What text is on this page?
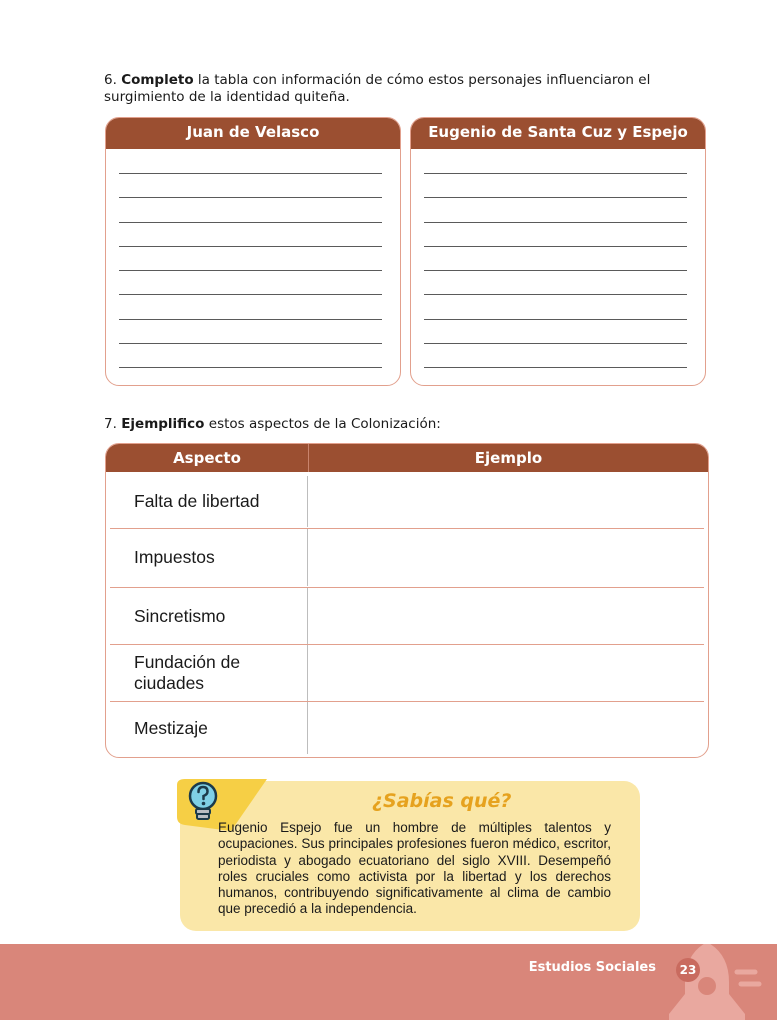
6. Completo la tabla con información de cómo estos personajes influenciaron el surgimiento de la identidad quiteña.
Juan de Velasco	Eugenio de Santa Cuz y Espejo
7. Ejemplifico estos aspectos de la Colonización:
Aspecto	Ejemplo
Falta de libertad
Impuestos
Sincretismo
Fundación de ciudades
Mestizaje
¿Sabías qué?
Eugenio Espejo fue un hombre de múltiples talentos y ocupaciones. Sus principales profesiones fueron médico, escritor, periodista y abogado ecuatoriano del siglo XVIII. Desempeñó roles cruciales como activista por la libertad y los derechos humanos, contribuyendo significativamente al clima de cambio que precedió a la independencia.
Estudios Sociales	23
